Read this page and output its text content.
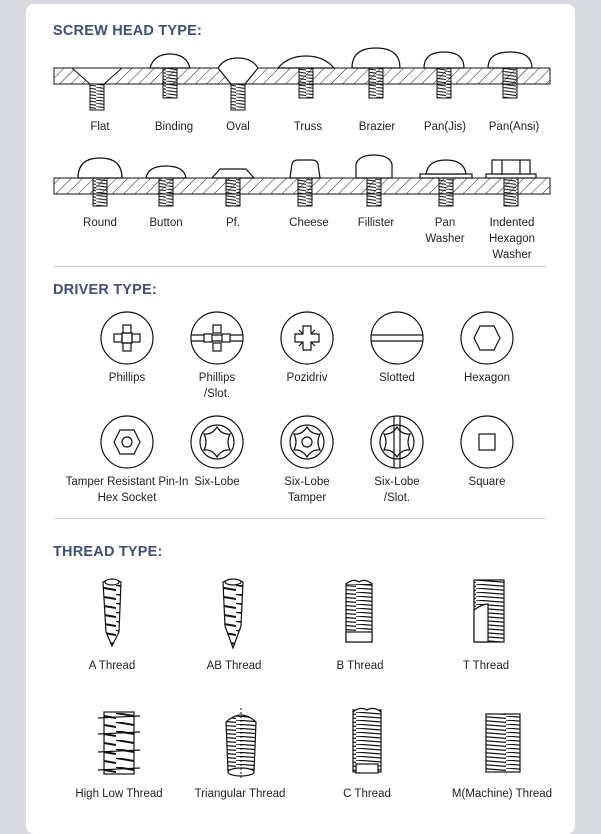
SCREW HEAD TYPE:
Flat	Binding	Oval	Truss	Brazier	Pan(Jis)	Pan(Ansi)
Round	Button	Pf.	Cheese	Fillister	Pan Washer
Indented Hexagon Washer
DRIVER TYPE:
Phillips	Phillips /Slot.
Pozidriv	Slotted	Hexagon
Tamper Resistant Pin-In Hex Socket
Six-Lobe	Six-Lobe Tamper
Six-Lobe /Slot.
Square
THREAD TYPE:
A Thread	AB Thread	B Thread	T Thread
High Low Thread	Triangular Thread	C Thread	M(Machine) Thread
